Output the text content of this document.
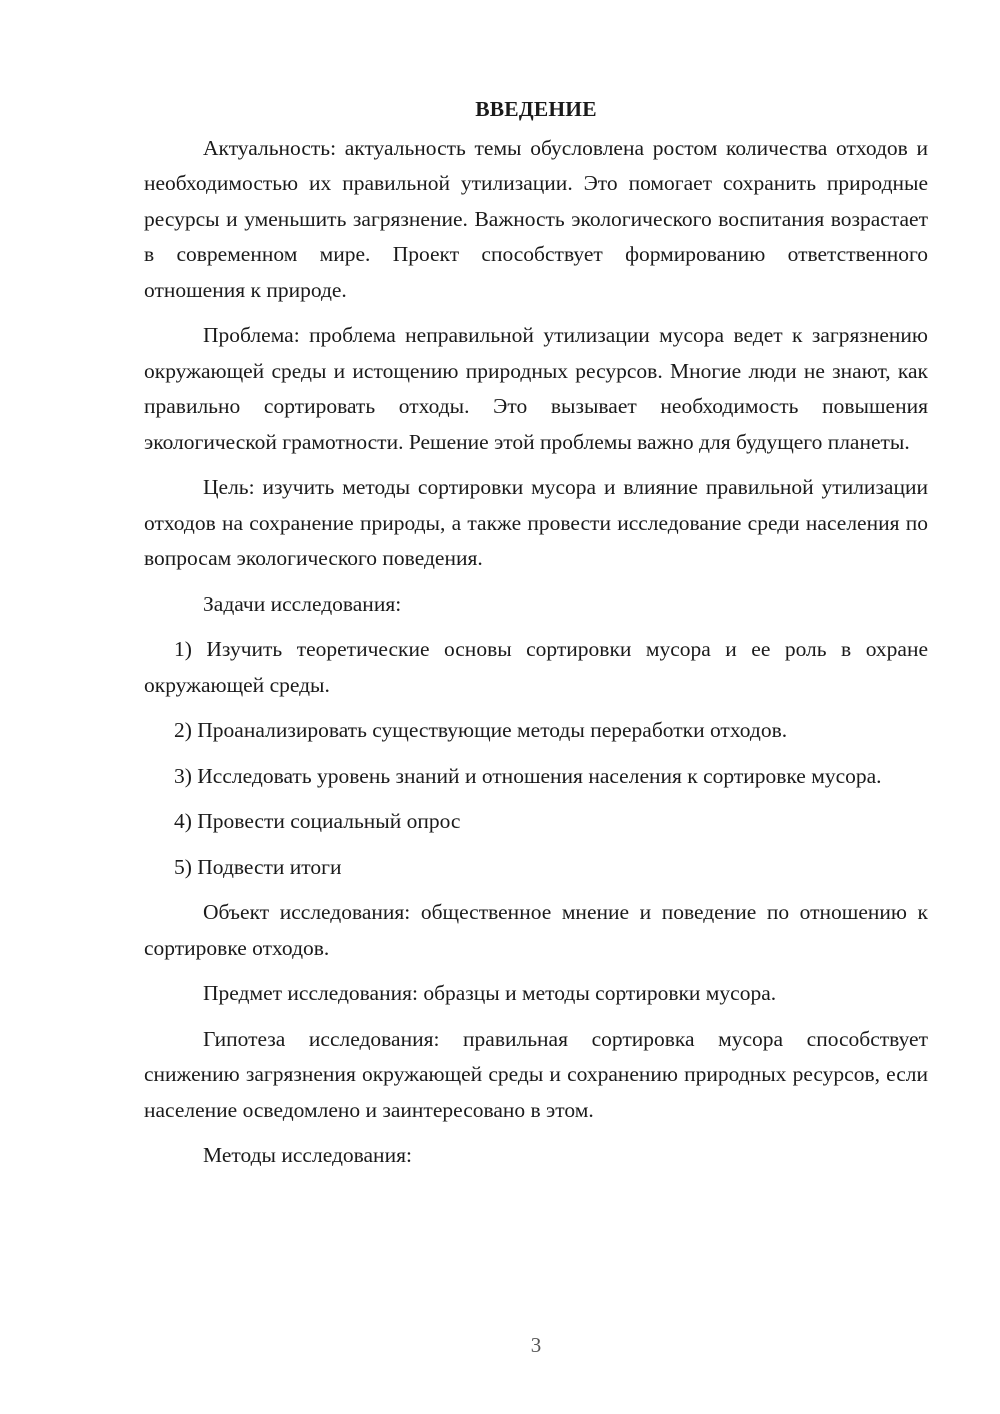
ВВЕДЕНИЕ

Актуальность: актуальность темы обусловлена ростом количества отходов и необходимостью их правильной утилизации. Это помогает сохранить природные ресурсы и уменьшить загрязнение. Важность экологического воспитания возрастает в современном мире. Проект способствует формированию ответственного отношения к природе.

Проблема: проблема неправильной утилизации мусора ведет к загрязнению окружающей среды и истощению природных ресурсов. Многие люди не знают, как правильно сортировать отходы. Это вызывает необходимость повышения экологической грамотности. Решение этой проблемы важно для будущего планеты.

Цель: изучить методы сортировки мусора и влияние правильной утилизации отходов на сохранение природы, а также провести исследование среди населения по вопросам экологического поведения.

Задачи исследования:

1) Изучить теоретические основы сортировки мусора и ее роль в охране окружающей среды.

2) Проанализировать существующие методы переработки отходов.

3) Исследовать уровень знаний и отношения населения к сортировке мусора.

4) Провести социальный опрос

5) Подвести итоги

Объект исследования: общественное мнение и поведение по отношению к сортировке отходов.

Предмет исследования: образцы и методы сортировки мусора.

Гипотеза исследования: правильная сортировка мусора способствует снижению загрязнения окружающей среды и сохранению природных ресурсов, если население осведомлено и заинтересовано в этом.

Методы исследования:

3
